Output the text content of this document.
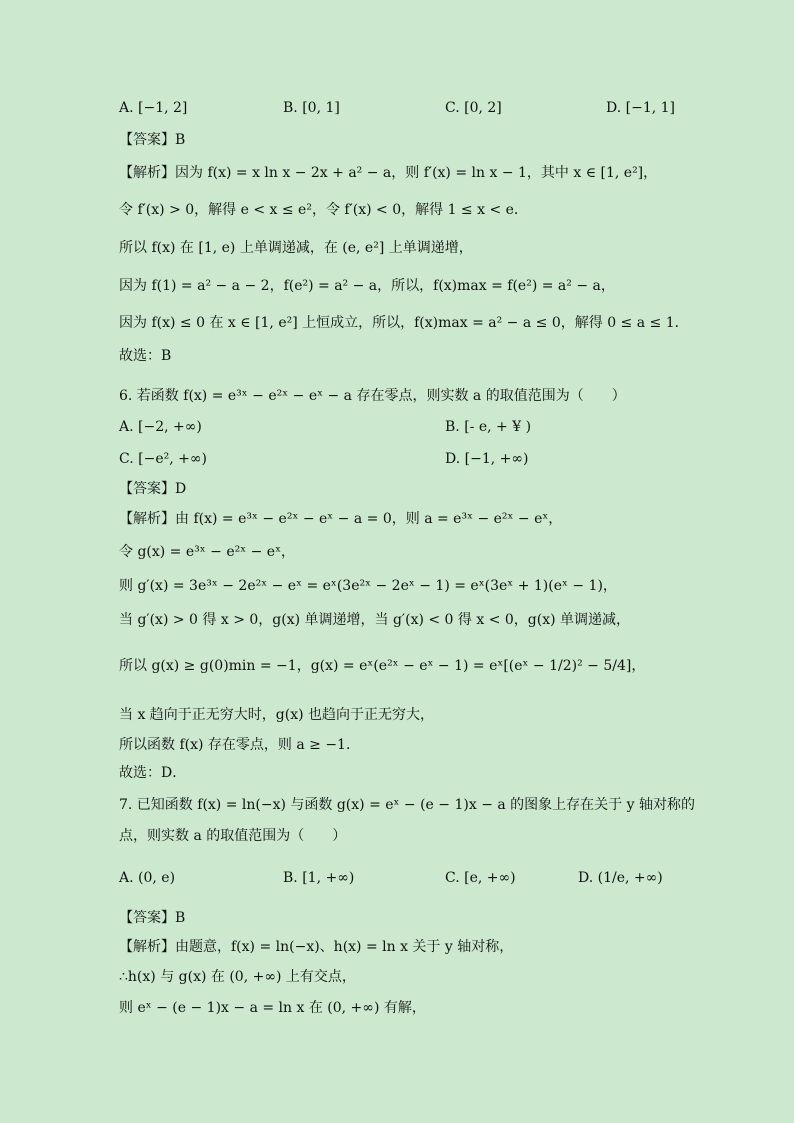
A. [−1, 2]	B. [0, 1]	C. [0, 2]	D. [−1, 1]
【答案】B
【解析】因为 f(x) = x ln x − 2x + a² − a，则 f′(x) = ln x − 1，其中 x ∈ [1, e²]，
令 f′(x) > 0，解得 e < x ≤ e²，令 f′(x) < 0，解得 1 ≤ x < e．
所以 f(x) 在 [1, e) 上单调递减，在 (e, e²] 上单调递增，
因为 f(1) = a² − a − 2，f(e²) = a² − a，所以，f(x)max = f(e²) = a² − a，
因为 f(x) ≤ 0 在 x ∈ [1, e²] 上恒成立，所以，f(x)max = a² − a ≤ 0，解得 0 ≤ a ≤ 1．
故选：B
6. 若函数 f(x) = e³ˣ − e²ˣ − eˣ − a 存在零点，则实数 a 的取值范围为（　　）
A. [−2, +∞)	B. [- e, + ¥ )
C. [−e², +∞)	D. [−1, +∞)
【答案】D
【解析】由 f(x) = e³ˣ − e²ˣ − eˣ − a = 0，则 a = e³ˣ − e²ˣ − eˣ，
令 g(x) = e³ˣ − e²ˣ − eˣ，
则 g′(x) = 3e³ˣ − 2e²ˣ − eˣ = eˣ(3e²ˣ − 2eˣ − 1) = eˣ(3eˣ + 1)(eˣ − 1)，
当 g′(x) > 0 得 x > 0，g(x) 单调递增，当 g′(x) < 0 得 x < 0，g(x) 单调递减，
所以 g(x) ≥ g(0)min = −1，g(x) = eˣ(e²ˣ − eˣ − 1) = eˣ[(eˣ − 1/2)² − 5/4]，
当 x 趋向于正无穷大时，g(x) 也趋向于正无穷大，
所以函数 f(x) 存在零点，则 a ≥ −1．
故选：D．
7. 已知函数 f(x) = ln(−x) 与函数 g(x) = eˣ − (e − 1)x − a 的图象上存在关于 y 轴对称的
点，则实数 a 的取值范围为（　　）
A. (0, e)	B. [1, +∞)	C. [e, +∞)	D. (1/e, +∞)
【答案】B
【解析】由题意，f(x) = ln(−x)、h(x) = ln x 关于 y 轴对称，
∴h(x) 与 g(x) 在 (0, +∞) 上有交点，
则 eˣ − (e − 1)x − a = ln x 在 (0, +∞) 有解，
